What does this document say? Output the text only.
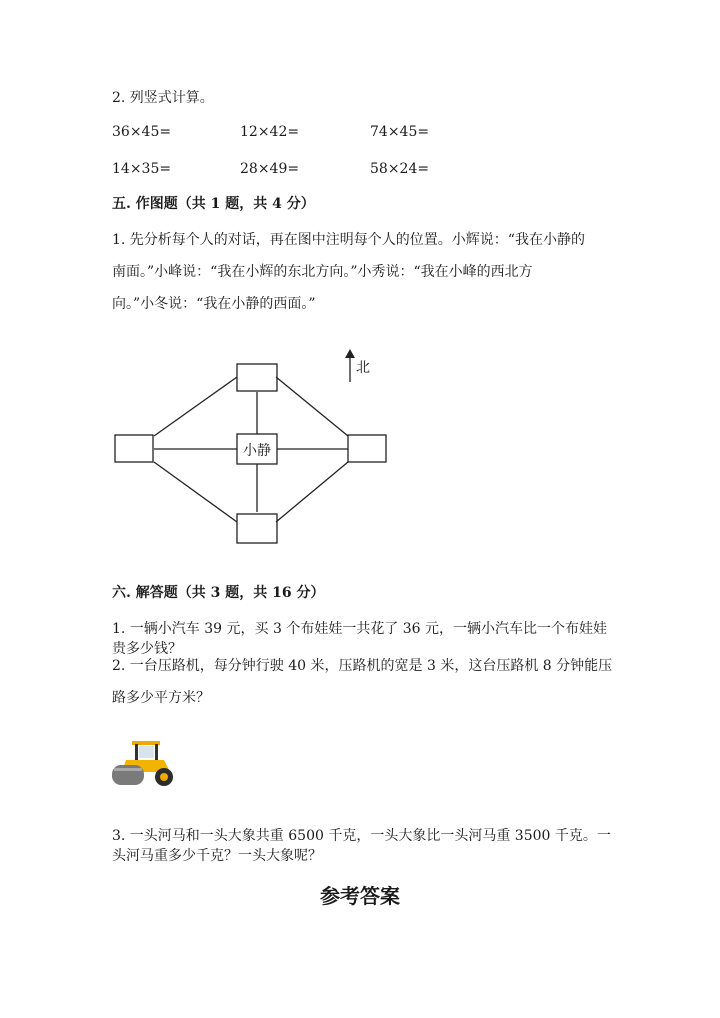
2. 列竖式计算。
36×45=	12×42=	74×45=
14×35=	28×49=	58×24=
五. 作图题（共 1 题，共 4 分）
1. 先分析每个人的对话，再在图中注明每个人的位置。小辉说：“我在小静的
南面。”小峰说：“我在小辉的东北方向。”小秀说：“我在小峰的西北方
向。”小冬说：“我在小静的西面。”
小静
北
六. 解答题（共 3 题，共 16 分）
1. 一辆小汽车 39 元，买 3 个布娃娃一共花了 36 元，一辆小汽车比一个布娃娃
贵多少钱？
2. 一台压路机，每分钟行驶 40 米，压路机的宽是 3 米，这台压路机 8 分钟能压
路多少平方米？
3. 一头河马和一头大象共重 6500 千克，一头大象比一头河马重 3500 千克。一
头河马重多少千克？一头大象呢？
参考答案
